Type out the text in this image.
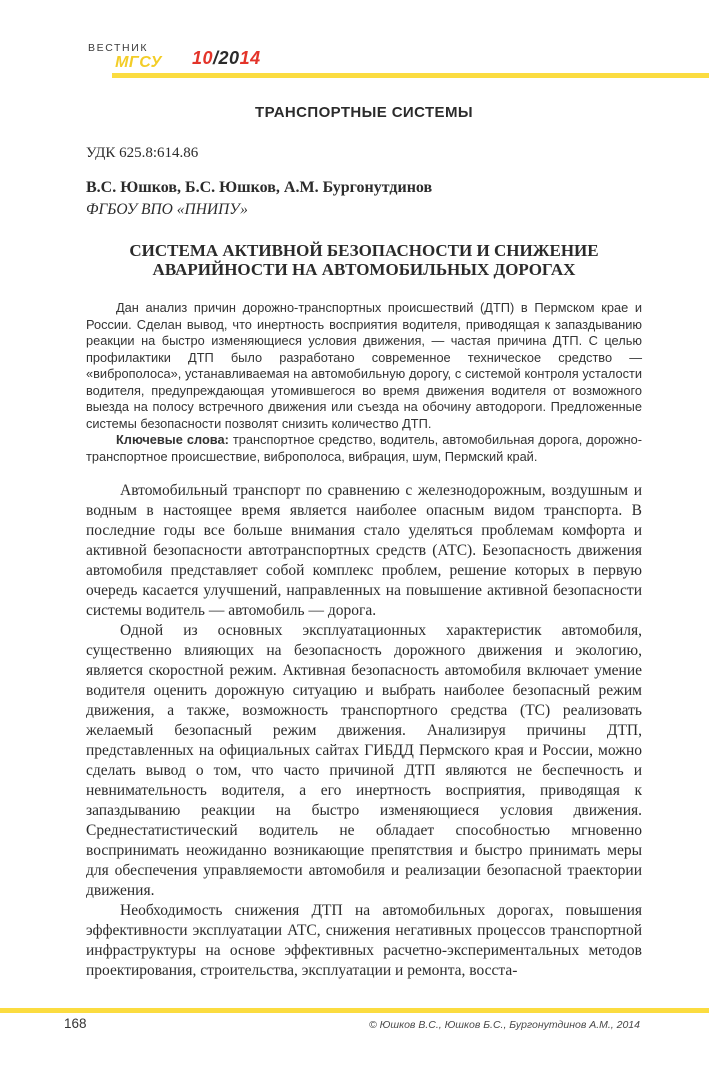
ВЕСТНИК
МГСУ 10/2014
ТРАНСПОРТНЫЕ СИСТЕМЫ

УДК 625.8:614.86

В.С. Юшков, Б.С. Юшков, А.М. Бургонутдинов

ФГБОУ ВПО «ПНИПУ»

СИСТЕМА АКТИВНОЙ БЕЗОПАСНОСТИ И СНИЖЕНИЕ АВАРИЙНОСТИ НА АВТОМОБИЛЬНЫХ ДОРОГАХ

Дан анализ причин дорожно-транспортных происшествий (ДТП) в Пермском крае и России. Сделан вывод, что инертность восприятия водителя, приводящая к запаздыванию реакции на быстро изменяющиеся условия движения, — частая причина ДТП. С целью профилактики ДТП было разработано современное техническое средство — «виброполоса», устанавливаемая на автомобильную дорогу, с системой контроля усталости водителя, предупреждающая утомившегося во время движения водителя от возможного выезда на полосу встречного движения или съезда на обочину автодороги. Предложенные системы безопасности позволят снизить количество ДТП.

Ключевые слова: транспортное средство, водитель, автомобильная дорога, дорожно-транспортное происшествие, виброполоса, вибрация, шум, Пермский край.

Автомобильный транспорт по сравнению с железнодорожным, воздушным и водным в настоящее время является наиболее опасным видом транспорта. В последние годы все больше внимания стало уделяться проблемам комфорта и активной безопасности автотранспортных средств (АТС). Безопасность движения автомобиля представляет собой комплекс проблем, решение которых в первую очередь касается улучшений, направленных на повышение активной безопасности системы водитель — автомобиль — дорога.

Одной из основных эксплуатационных характеристик автомобиля, существенно влияющих на безопасность дорожного движения и экологию, является скоростной режим. Активная безопасность автомобиля включает умение водителя оценить дорожную ситуацию и выбрать наиболее безопасный режим движения, а также, возможность транспортного средства (ТС) реализовать желаемый безопасный режим движения. Анализируя причины ДТП, представленных на официальных сайтах ГИБДД Пермского края и России, можно сделать вывод о том, что часто причиной ДТП являются не беспечность и невнимательность водителя, а его инертность восприятия, приводящая к запаздыванию реакции на быстро изменяющиеся условия движения. Среднестатистический водитель не обладает способностью мгновенно воспринимать неожиданно возникающие препятствия и быстро принимать меры для обеспечения управляемости автомобиля и реализации безопасной траектории движения.

Необходимость снижения ДТП на автомобильных дорогах, повышения эффективности эксплуатации АТС, снижения негативных процессов транспортной инфраструктуры на основе эффективных расчетно-экспериментальных методов проектирования, строительства, эксплуатации и ремонта, восста-

168	© Юшков В.С., Юшков Б.С., Бургонутдинов А.М., 2014
